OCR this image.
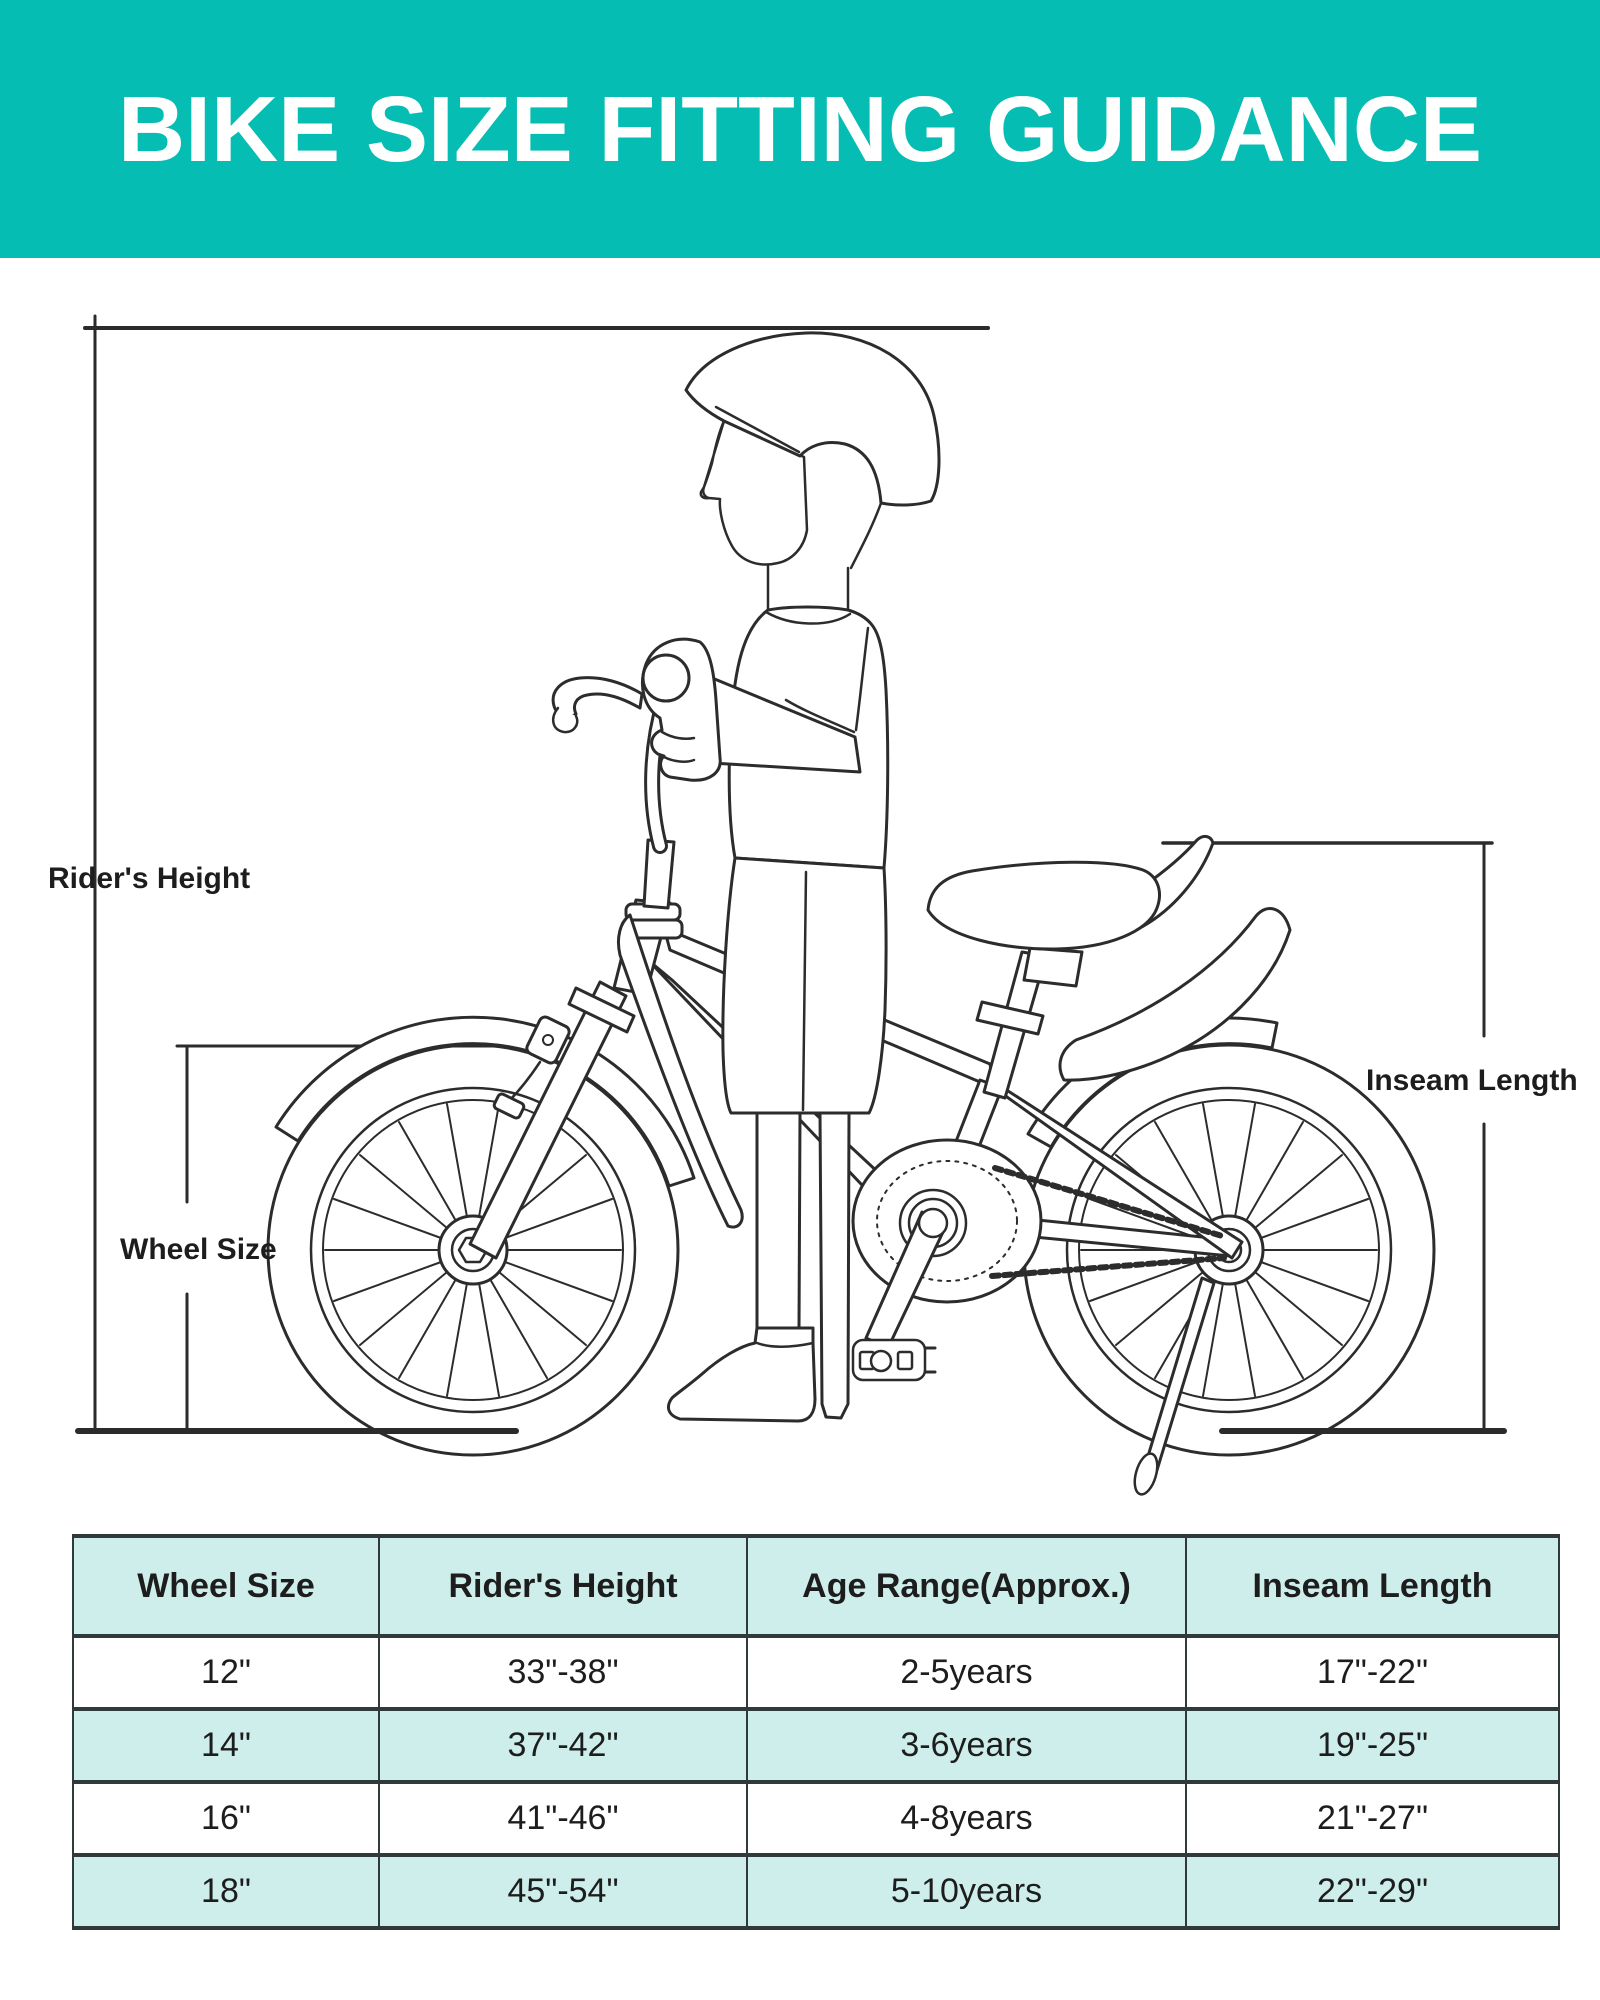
BIKE SIZE FITTING GUIDANCE
Rider's Height
Wheel Size
Inseam Length
Wheel Size	Rider's Height	Age Range(Approx.)	Inseam Length
12"	33"-38"	2-5years	17"-22"
14"	37"-42"	3-6years	19"-25"
16"	41"-46"	4-8years	21"-27"
18"	45"-54"	5-10years	22"-29"
